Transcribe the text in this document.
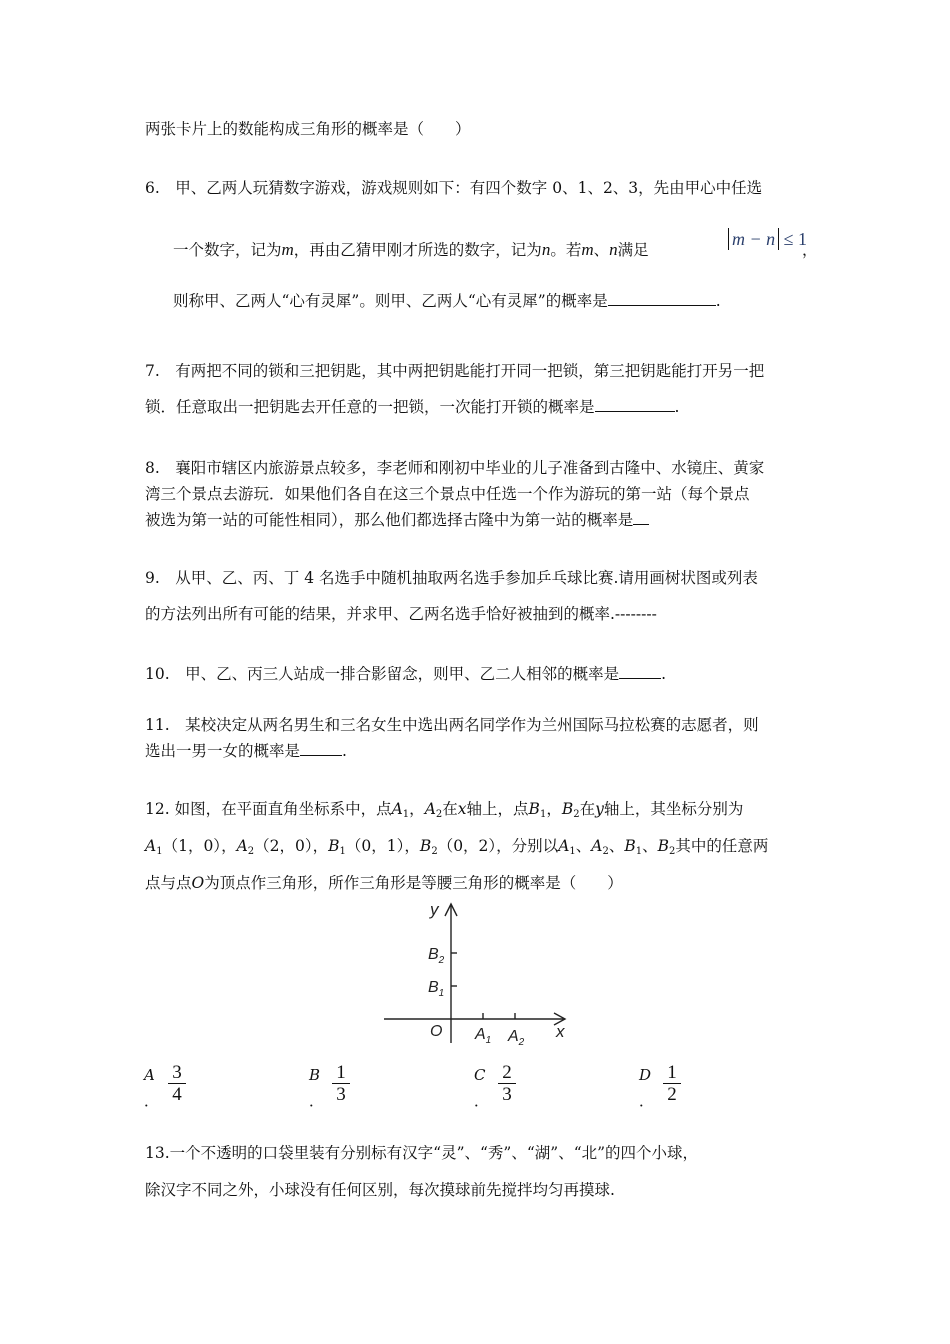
两张卡片上的数能构成三角形的概率是（　　）
6.　甲、乙两人玩猜数字游戏，游戏规则如下：有四个数字 0、1、2、3，先由甲心中任选
一个数字，记为m，再由乙猜甲刚才所选的数字，记为n。若m、n满足
m − n ≤ 1
，
则称甲、乙两人“心有灵犀”。则甲、乙两人“心有灵犀”的概率是	.
7.　有两把不同的锁和三把钥匙，其中两把钥匙能打开同一把锁，第三把钥匙能打开另一把
锁．任意取出一把钥匙去开任意的一把锁，一次能打开锁的概率是	.
8.　襄阳市辖区内旅游景点较多，李老师和刚初中毕业的儿子准备到古隆中、水镜庄、黄家
湾三个景点去游玩．如果他们各自在这三个景点中任选一个作为游玩的第一站（每个景点
被选为第一站的可能性相同），那么他们都选择古隆中为第一站的概率是
9.　从甲、乙、丙、丁 4 名选手中随机抽取两名选手参加乒乓球比赛.请用画树状图或列表
的方法列出所有可能的结果，并求甲、乙两名选手恰好被抽到的概率.--------
10.　甲、乙、丙三人站成一排合影留念，则甲、乙二人相邻的概率是	.
11.　某校决定从两名男生和三名女生中选出两名同学作为兰州国际马拉松赛的志愿者，则
选出一男一女的概率是	.
12. 如图，在平面直角坐标系中，点$A_1$，$A_2$在x轴上，点$B_1$，$B_2$在y轴上，其坐标分别为
$A_1(1$，0），$A_2(2$，0），$B_1(0$，1），$B_2(0$，2），分别以$A_1$、$A_2$、$B_1$、$B_2$其中的任意两
点与点O为顶点作三角形，所作三角形是等腰三角形的概率是（　　）
y
x
O
$B_2$
$B_1$
$A_1$ $A_2$
A
． $\frac{3}{4}$	B
． $\frac{1}{3}$	C
． $\frac{2}{3}$	D
． $\frac{1}{2}$
13.一个不透明的口袋里装有分别标有汉字“灵”、“秀”、“湖”、“北”的四个小球，
除汉字不同之外，小球没有任何区别，每次摸球前先搅拌均匀再摸球.
